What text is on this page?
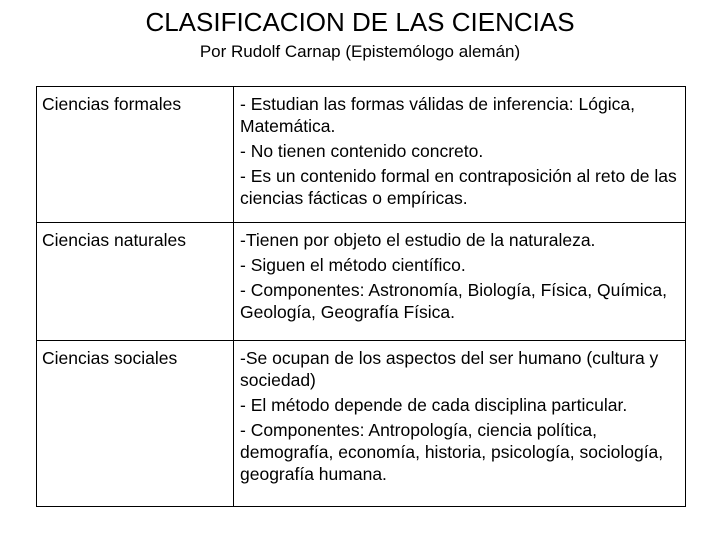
CLASIFICACION DE LAS CIENCIAS
Por Rudolf Carnap (Epistemólogo alemán)
Ciencias formales	- Estudian las formas válidas de inferencia: Lógica, Matemática.
- No tienen contenido concreto.
- Es un contenido formal en contraposición al reto de las ciencias fácticas o empíricas.

Ciencias naturales	-Tienen por objeto el estudio de la naturaleza.
- Siguen el método científico.
- Componentes: Astronomía, Biología, Física, Química, Geología, Geografía Física.

Ciencias sociales	-Se ocupan de los aspectos del ser humano (cultura y sociedad)
- El método depende de cada disciplina particular.
- Componentes: Antropología, ciencia política, demografía, economía, historia, psicología, sociología, geografía humana.
